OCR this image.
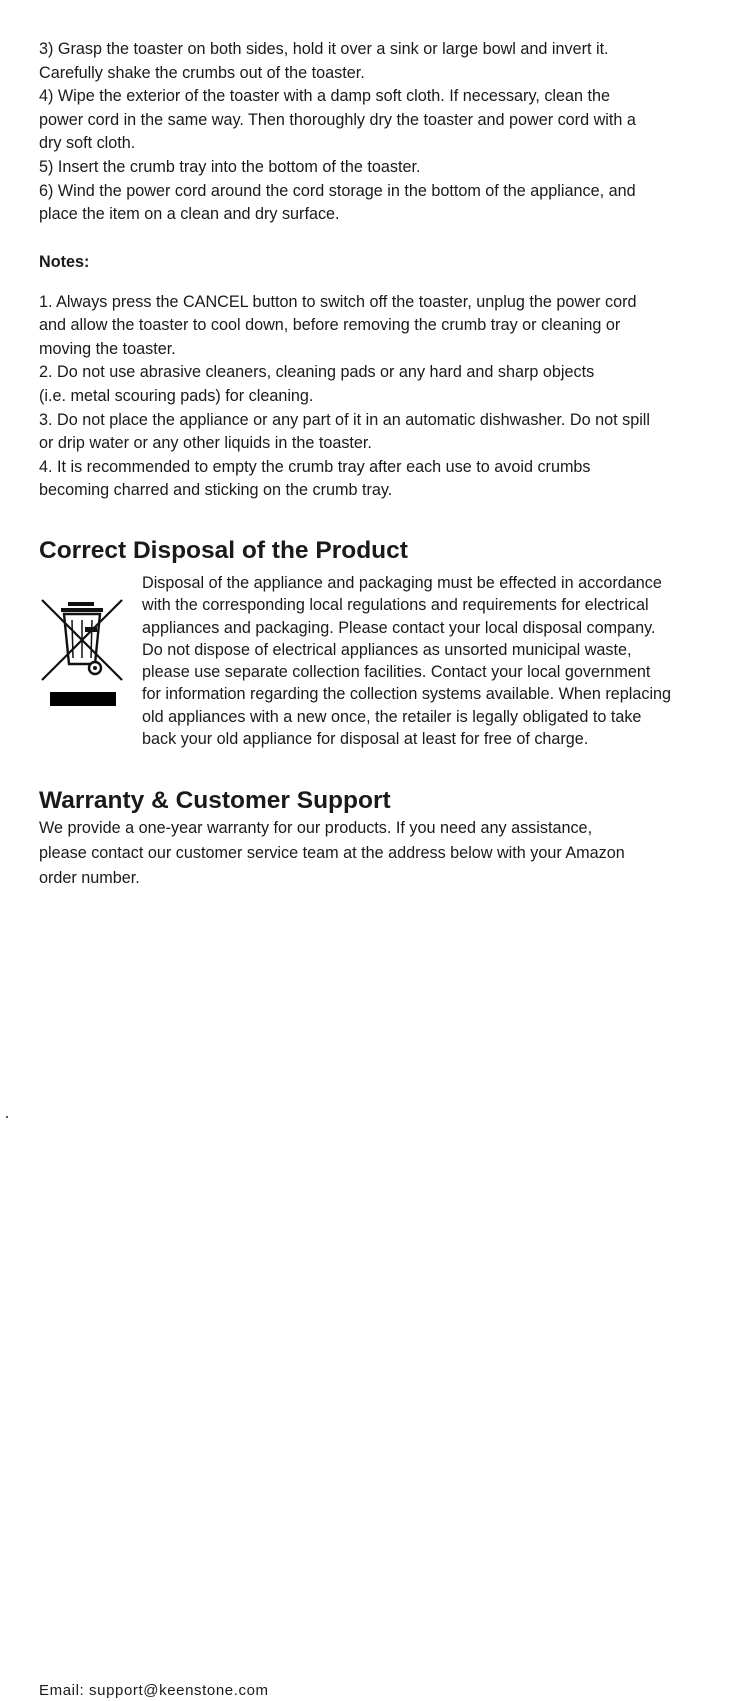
3) Grasp the toaster on both sides, hold it over a sink or large bowl and invert it.

Carefully shake the crumbs out of the toaster.

4) Wipe the exterior of the toaster with a damp soft cloth. If necessary, clean the

power cord in the same way. Then thoroughly dry the toaster and power cord with a

dry soft cloth.

5) Insert the crumb tray into the bottom of the toaster.

6) Wind the power cord around the cord storage in the bottom of the appliance, and

place the item on a clean and dry surface.

Notes:

1. Always press the CANCEL button to switch off the toaster, unplug the power cord

and allow the toaster to cool down, before removing the crumb tray or cleaning or

moving the toaster.

2. Do not use abrasive cleaners, cleaning pads or any hard and sharp objects

(i.e. metal scouring pads) for cleaning.

3. Do not place the appliance or any part of it in an automatic dishwasher. Do not spill

or drip water or any other liquids in the toaster.

4. It is recommended to empty the crumb tray after each use to avoid crumbs

becoming charred and sticking on the crumb tray.

Correct Disposal of the Product

Disposal of the appliance and packaging must be effected in accordance

with the corresponding local regulations and requirements for electrical

appliances and packaging. Please contact your local disposal company.

Do not dispose of electrical appliances as unsorted municipal waste,

please use separate collection facilities. Contact your local government

for information regarding the collection systems available. When replacing

old appliances with a new once, the retailer is legally obligated to take

back your old appliance for disposal at least for free of charge.

Warranty & Customer Support

We provide a one-year warranty for our products. If you need any assistance,

please contact our customer service team at the address below with your Amazon

order number.

Email: support@keenstone.com
